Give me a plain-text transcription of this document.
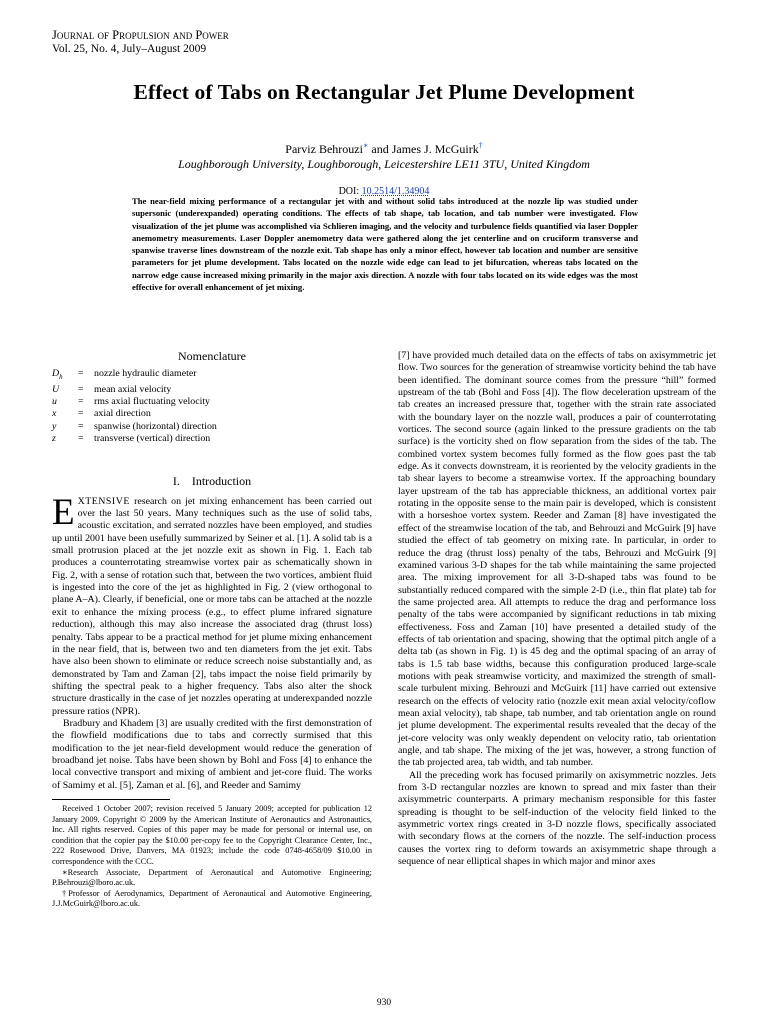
Journal of Propulsion and Power
Vol. 25, No. 4, July–August 2009
Effect of Tabs on Rectangular Jet Plume Development
Parviz Behrouzi∗ and James J. McGuirk†
Loughborough University, Loughborough, Leicestershire LE11 3TU, United Kingdom
DOI: 10.2514/1.34904
The near-field mixing performance of a rectangular jet with and without solid tabs introduced at the nozzle lip was studied under supersonic (underexpanded) operating conditions. The effects of tab shape, tab location, and tab number were investigated. Flow visualization of the jet plume was accomplished via Schlieren imaging, and the velocity and turbulence fields quantified via laser Doppler anemometry measurements. Laser Doppler anemometry data were gathered along the jet centerline and on cruciform transverse and spanwise traverse lines downstream of the nozzle exit. Tab shape has only a minor effect, however tab location and number are sensitive parameters for jet plume development. Tabs located on the nozzle wide edge can lead to jet bifurcation, whereas tabs located on the narrow edge cause increased mixing primarily in the major axis direction. A nozzle with four tabs located on its wide edges was the most effective for overall enhancement of jet mixing.
Nomenclature
$D_h$	=	nozzle hydraulic diameter
U	=	mean axial velocity
u	=	rms axial fluctuating velocity
x	=	axial direction
y	=	spanwise (horizontal) direction
z	=	transverse (vertical) direction
I. Introduction

EXTENSIVE research on jet mixing enhancement has been carried out over the last 50 years. Many techniques such as the use of solid tabs, acoustic excitation, and serrated nozzles have been employed, and studies up until 2001 have been usefully summarized by Seiner et al. [1]. A solid tab is a small protrusion placed at the jet nozzle exit as shown in Fig. 1. Each tab produces a counterrotating streamwise vortex pair as schematically shown in Fig. 2, with a sense of rotation such that, between the two vortices, ambient fluid is ingested into the core of the jet as highlighted in Fig. 2 (view orthogonal to plane A–A). Clearly, if beneficial, one or more tabs can be attached at the nozzle exit to enhance the mixing process (e.g., to effect plume infrared signature reduction), although this may also increase the associated drag (thrust loss) penalty. Tabs appear to be a practical method for jet plume mixing enhancement in the near field, that is, between two and ten diameters from the jet exit. Tabs have also been shown to eliminate or reduce screech noise substantially and, as demonstrated by Tam and Zaman [2], tabs impact the noise field primarily by shifting the spectral peak to a higher frequency. Tabs also alter the shock structure drastically in the case of jet nozzles operating at underexpanded nozzle pressure ratios (NPR).

Bradbury and Khadem [3] are usually credited with the first demonstration of the flowfield modifications due to tabs and correctly surmised that this modification to the jet near-field development would reduce the generation of broadband jet noise. Tabs have been shown by Bohl and Foss [4] to enhance the local convective transport and mixing of ambient and jet-core fluid. The works of Samimy et al. [5], Zaman et al. [6], and Reeder and Samimy

Received 1 October 2007; revision received 5 January 2009; accepted for publication 12 January 2009. Copyright © 2009 by the American Institute of Aeronautics and Astronautics, Inc. All rights reserved. Copies of this paper may be made for personal or internal use, on condition that the copier pay the $10.00 per-copy fee to the Copyright Clearance Center, Inc., 222 Rosewood Drive, Danvers, MA 01923; include the code 0748-4658/09 $10.00 in correspondence with the CCC.

∗Research Associate, Department of Aeronautical and Automotive Engineering; P.Behrouzi@lboro.ac.uk.

†Professor of Aerodynamics, Department of Aeronautical and Automotive Engineering, J.J.McGuirk@lboro.ac.uk.

[7] have provided much detailed data on the effects of tabs on axisymmetric jet flow. Two sources for the generation of streamwise vorticity behind the tab have been identified. The dominant source comes from the pressure “hill” formed upstream of the tab (Bohl and Foss [4]). The flow deceleration upstream of the tab creates an increased pressure that, together with the strain rate associated with the boundary layer on the nozzle wall, produces a pair of counterrotating vortices. The second source (again linked to the pressure gradients on the tab surface) is the vorticity shed on flow separation from the sides of the tab. The combined vortex system becomes fully formed as the flow goes past the tab edge. As it convects downstream, it is reoriented by the velocity gradients in the tab shear layers to become a streamwise vortex. If the approaching boundary layer upstream of the tab has appreciable thickness, an additional vortex pair rotating in the opposite sense to the main pair is developed, which is consistent with a horseshoe vortex system. Reeder and Zaman [8] have investigated the effect of the streamwise location of the tab, and Behrouzi and McGuirk [9] have studied the effect of tab geometry on mixing rate. In particular, in order to reduce the drag (thrust loss) penalty of the tabs, Behrouzi and McGuirk [9] examined various 3-D shapes for the tab while maintaining the same projected area. The mixing improvement for all 3-D-shaped tabs was found to be substantially reduced compared with the simple 2-D (i.e., thin flat plate) tab for the same projected area. All attempts to reduce the drag and performance loss penalty of the tabs were accompanied by significant reductions in tab mixing effectiveness. Foss and Zaman [10] have presented a detailed study of the effects of tab orientation and spacing, showing that the optimal pitch angle of a delta tab (as shown in Fig. 1) is 45 deg and the optimal spacing of an array of tabs is 1.5 tab base widths, because this configuration produced large-scale motions with peak streamwise vorticity, and maximized the strength of small-scale turbulent mixing. Behrouzi and McGuirk [11] have carried out extensive research on the effects of velocity ratio (nozzle exit mean axial velocity/coflow mean axial velocity), tab shape, tab number, and tab orientation angle on round jet plume development. The experimental results revealed that the decay of the jet-core velocity was only weakly dependent on velocity ratio, tab orientation angle, and tab shape. The mixing of the jet was, however, a strong function of the tab projected area, tab width, and tab number.

All the preceding work has focused primarily on axisymmetric nozzles. Jets from 3-D rectangular nozzles are known to spread and mix faster than their axisymmetric counterparts. A primary mechanism responsible for this faster spreading is thought to be self-induction of the velocity field linked to the asymmetric vortex rings created in 3-D nozzle flows, specifically associated with secondary flows at the corners of the nozzle. The self-induction process causes the vortex ring to deform towards an axisymmetric shape through a sequence of near elliptical shapes in which major and minor axes

930
